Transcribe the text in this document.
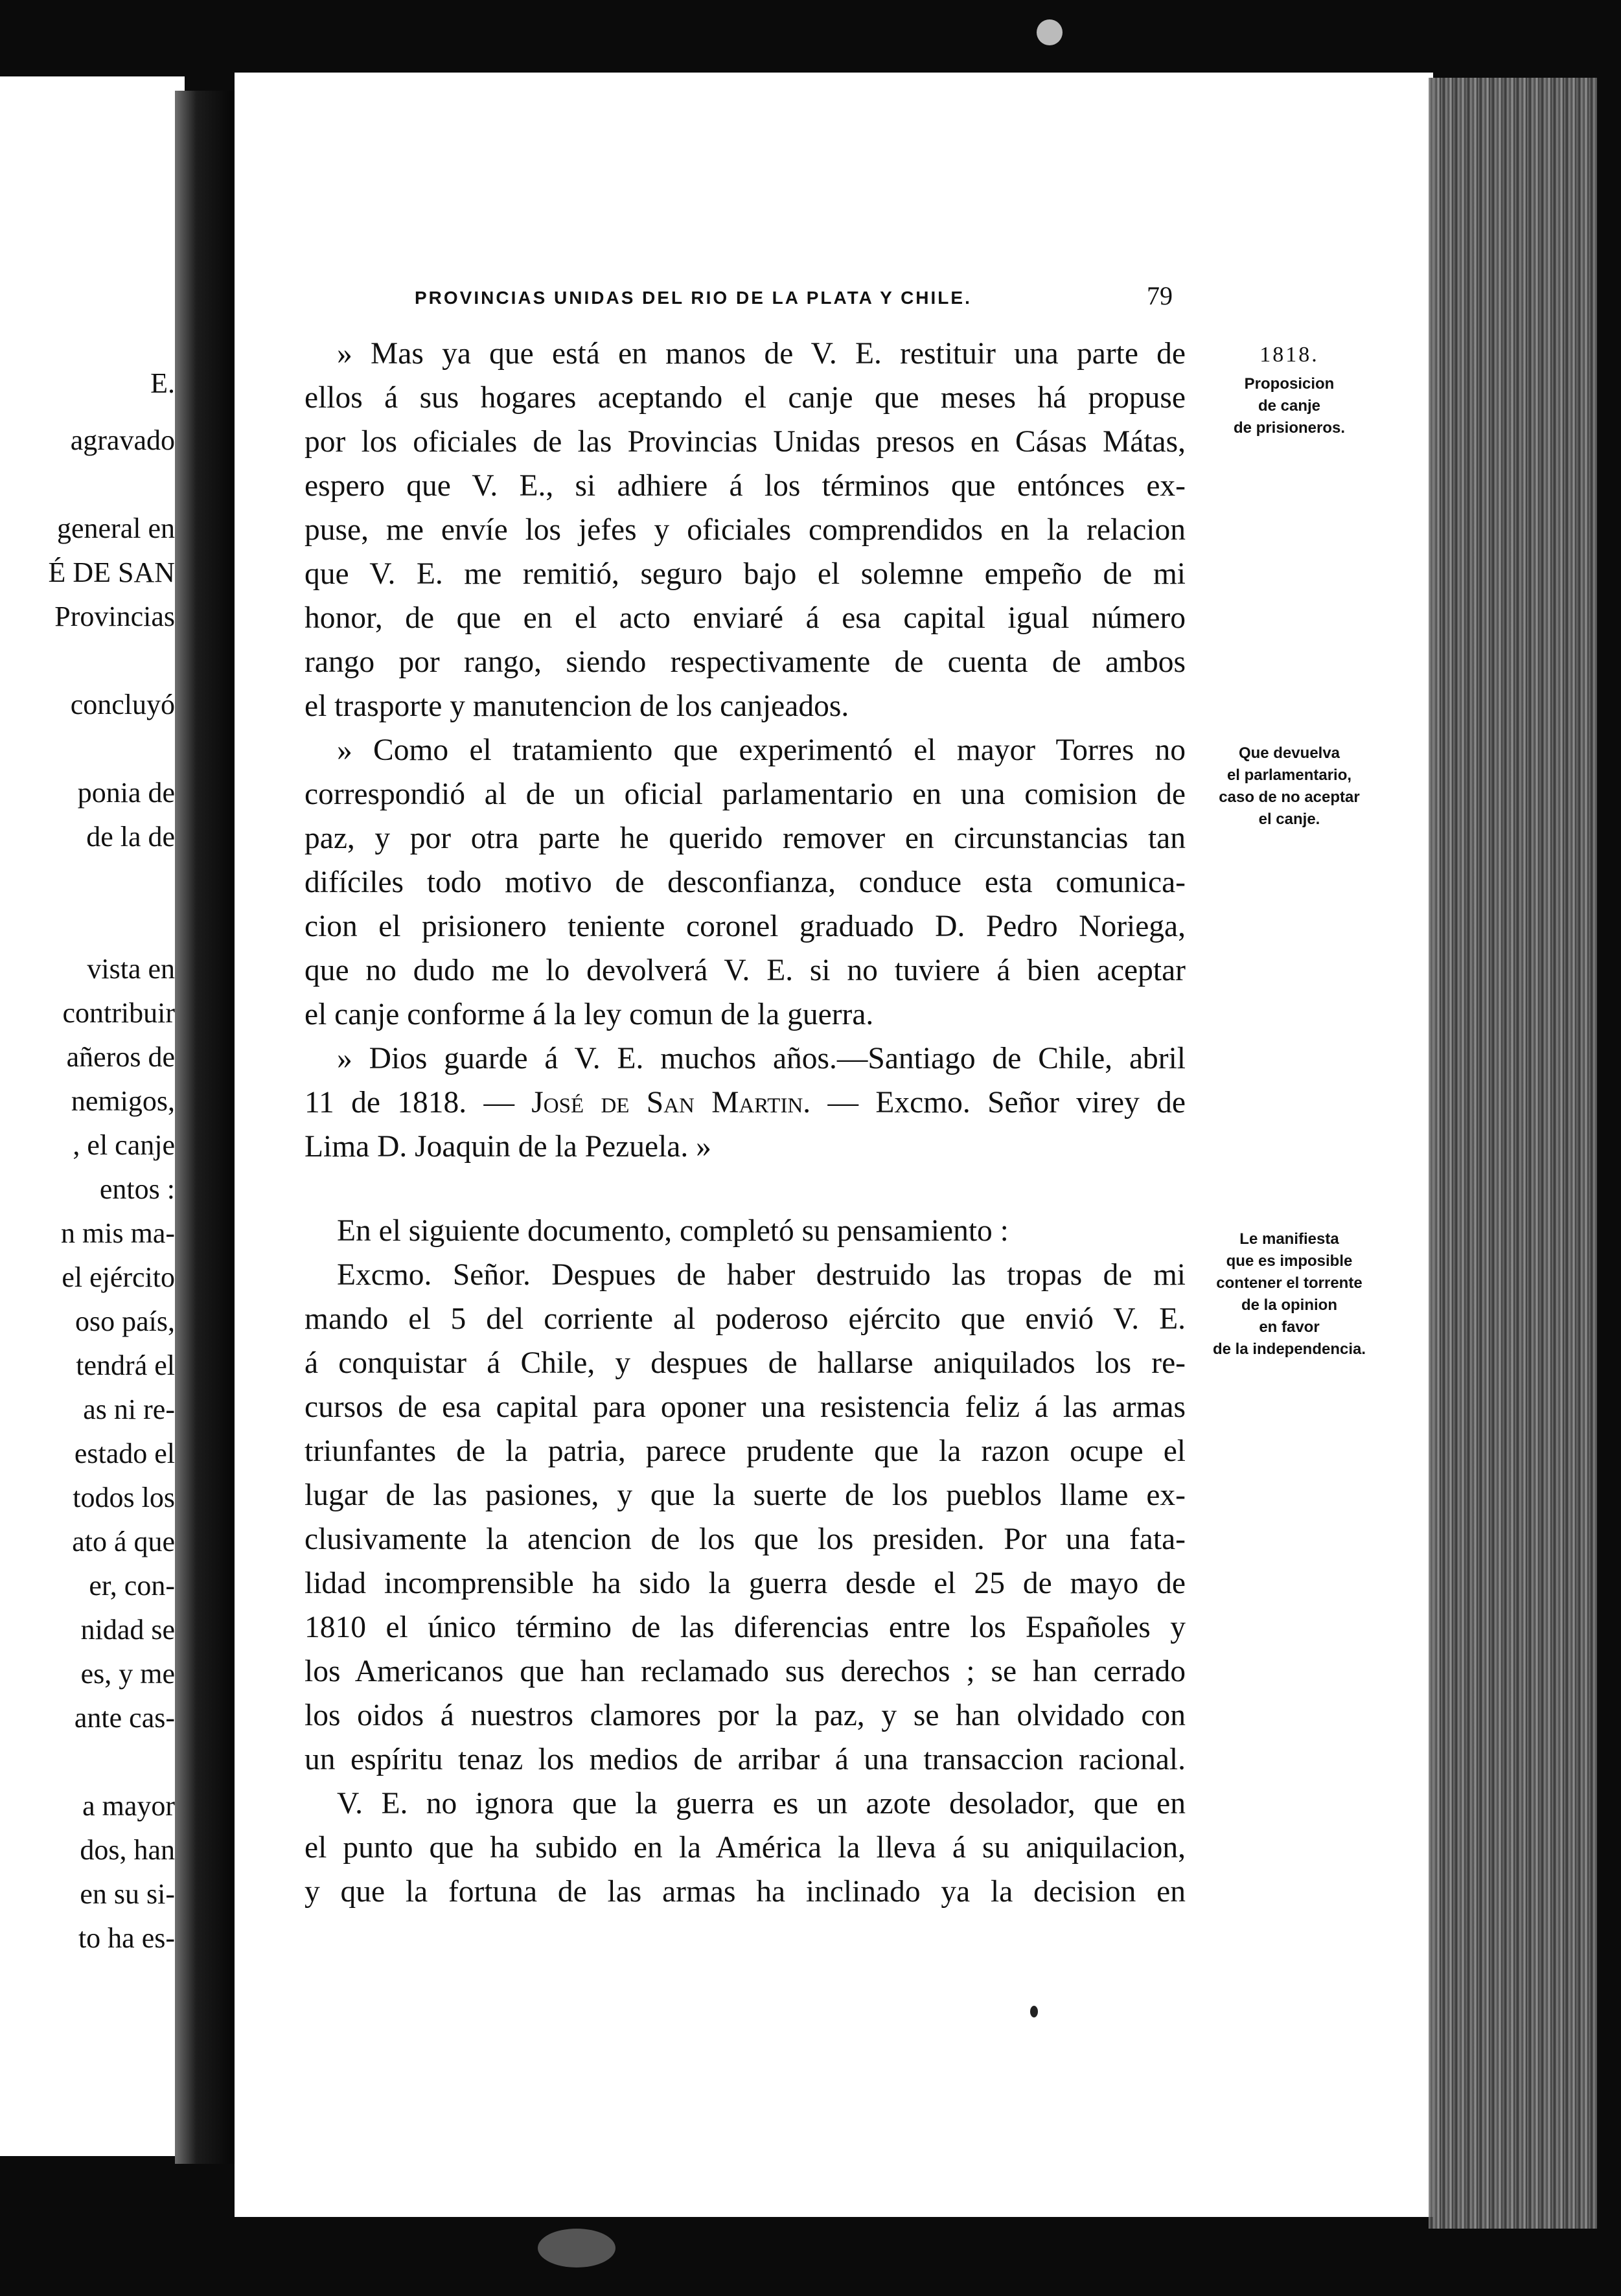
E.
agravado
general en
É DE SAN
Provincias
concluyó
ponia de
de la de
vista en
contribuir
añeros de
nemigos,
, el canje
entos :
n mis ma-
el ejército
oso país,
tendrá el
as ni re-
estado el
todos los
ato á que
er, con-
nidad se
es, y me
ante cas-
a mayor
dos, han
en su si-
to ha es-
PROVINCIAS UNIDAS DEL RIO DE LA PLATA Y CHILE.	79
» Mas ya que está en manos de V. E. restituir una parte de
ellos á sus hogares aceptando el canje que meses há propuse
por los oficiales de las Provincias Unidas presos en Cásas Mátas,
espero que V. E., si adhiere á los términos que entónces ex-
puse, me envíe los jefes y oficiales comprendidos en la relacion
que V. E. me remitió, seguro bajo el solemne empeño de mi
honor, de que en el acto enviaré á esa capital igual número
rango por rango, siendo respectivamente de cuenta de ambos
el trasporte y manutencion de los canjeados.
» Como el tratamiento que experimentó el mayor Torres no
correspondió al de un oficial parlamentario en una comision de
paz, y por otra parte he querido remover en circunstancias tan
difíciles todo motivo de desconfianza, conduce esta comunica-
cion el prisionero teniente coronel graduado D. Pedro Noriega,
que no dudo me lo devolverá V. E. si no tuviere á bien aceptar
el canje conforme á la ley comun de la guerra.
» Dios guarde á V. E. muchos años.—Santiago de Chile, abril
11 de 1818. — José de San Martin. — Excmo. Señor virey de
Lima D. Joaquin de la Pezuela. »
En el siguiente documento, completó su pensamiento :
Excmo. Señor. Despues de haber destruido las tropas de mi
mando el 5 del corriente al poderoso ejército que envió V. E.
á conquistar á Chile, y despues de hallarse aniquilados los re-
cursos de esa capital para oponer una resistencia feliz á las armas
triunfantes de la patria, parece prudente que la razon ocupe el
lugar de las pasiones, y que la suerte de los pueblos llame ex-
clusivamente la atencion de los que los presiden. Por una fata-
lidad incomprensible ha sido la guerra desde el 25 de mayo de
1810 el único término de las diferencias entre los Españoles y
los Americanos que han reclamado sus derechos ; se han cerrado
los oidos á nuestros clamores por la paz, y se han olvidado con
un espíritu tenaz los medios de arribar á una transaccion racional.
V. E. no ignora que la guerra es un azote desolador, que en
el punto que ha subido en la América la lleva á su aniquilacion,
y que la fortuna de las armas ha inclinado ya la decision en
1818.
Proposicion
de canje
de prisioneros.
Que devuelva
el parlamentario,
caso de no aceptar
el canje.
Le manifiesta
que es imposible
contener el torrente
de la opinion
en favor
de la independencia.
